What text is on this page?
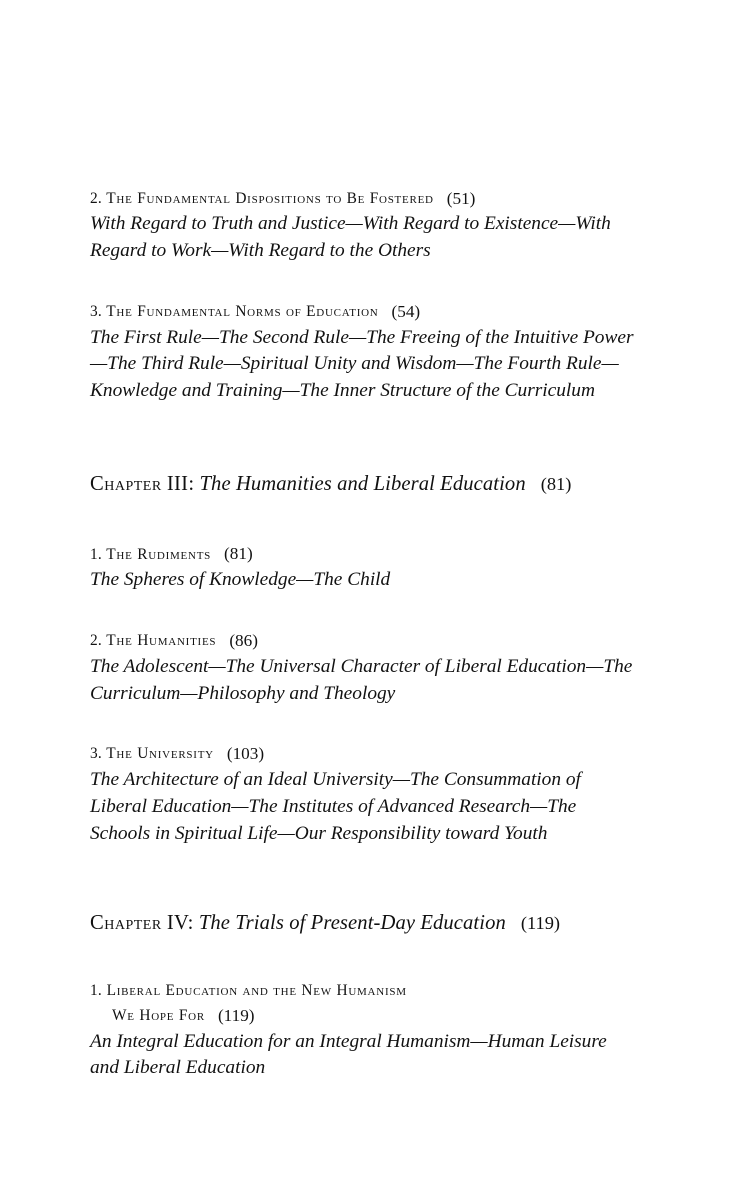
2. The Fundamental Dispositions to Be Fostered (51)
With Regard to Truth and Justice—With Regard to Existence—With Regard to Work—With Regard to the Others
3. The Fundamental Norms of Education (54)
The First Rule—The Second Rule—The Freeing of the Intuitive Power—The Third Rule—Spiritual Unity and Wisdom—The Fourth Rule—Knowledge and Training—The Inner Structure of the Curriculum
Chapter III: The Humanities and Liberal Education (81)
1. The Rudiments (81)
The Spheres of Knowledge—The Child
2. The Humanities (86)
The Adolescent—The Universal Character of Liberal Education—The Curriculum—Philosophy and Theology
3. The University (103)
The Architecture of an Ideal University—The Consummation of Liberal Education—The Institutes of Advanced Research—The Schools in Spiritual Life—Our Responsibility toward Youth
Chapter IV: The Trials of Present-Day Education (119)
1. Liberal Education and the New Humanism
We Hope For (119)
An Integral Education for an Integral Humanism—Human Leisure and Liberal Education
